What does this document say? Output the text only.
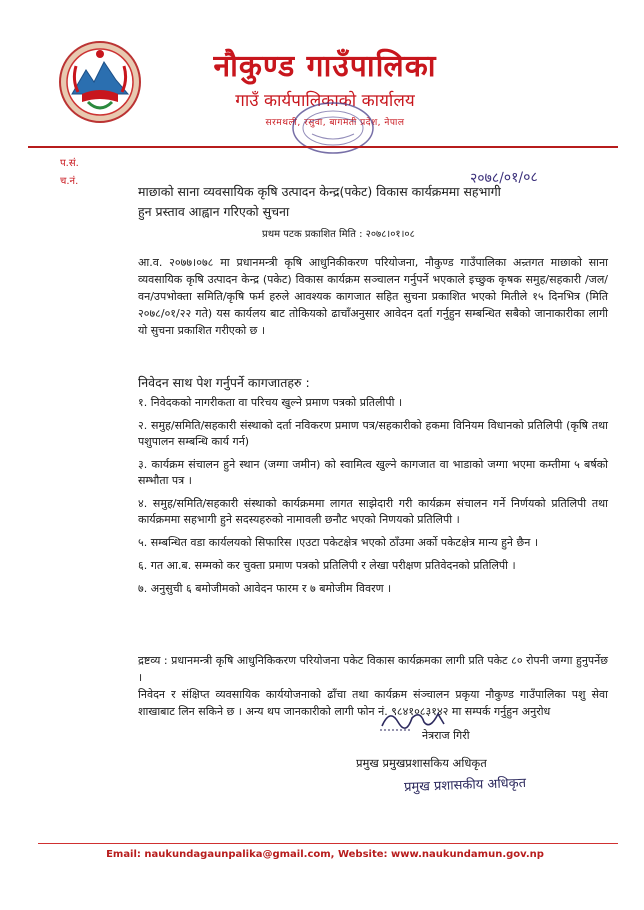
नौकुण्ड गाउँपालिका
गाउँ कार्यपालिकाको कार्यालय
सरमथली, रसुवा, बागमती प्रदेश, नेपाल
प.सं.
च.नं.	२०७८/०१/०८
माछाको साना व्यवसायिक कृषि उत्पादन केन्द्र(पकेट) विकास कार्यक्रममा सहभागी
हुन प्रस्ताव आह्वान गरिएको सुचना
प्रथम पटक प्रकाशित मिति : २०७८।०१।०८
आ.व. २०७७।०७८ मा प्रधानमन्त्री कृषि आधुनिकीकरण परियोजना, नौकुण्ड गाउँपालिका अन्र्तगत माछाको साना व्यवसायिक कृषि उत्पादन केन्द्र (पकेट) विकास कार्यक्रम सञ्चालन गर्नुपर्ने भएकाले इच्छुक कृषक समुह/सहकारी /जल/वन/उपभोक्ता समिति/कृषि फर्म हरुले आवश्यक कागजात सहित सुचना प्रकाशित भएको मितीले १५ दिनभित्र (मिति २०७८/०१/२२ गते) यस कार्यलय बाट तोकियको ढाचाँअनुसार आवेदन दर्ता गर्नुहुन सम्बन्धित सबैको जानाकारीका लागी यो सुचना प्रकाशित गरीएको छ ।
निवेदन साथ पेश गर्नुपर्ने कागजातहरु :
१. निवेदकको नागरीकता वा परिचय खुल्ने प्रमाण पत्रको प्रतिलीपी ।
२. समुह/समिति/सहकारी संस्थाको दर्ता नविकरण प्रमाण पत्र/सहकारीको हकमा विनियम विधानको प्रतिलिपी (कृषि तथा पशुपालन सम्बन्धि कार्य गर्न)
३. कार्यक्रम संचालन हुने स्थान (जग्गा जमीन) को स्वामित्व खुल्ने कागजात वा भाडाको जग्गा भएमा कम्तीमा ५ बर्षको सम्भौता पत्र ।
४. समुह/समिति/सहकारी संस्थाको कार्यक्रममा लागत साझेदारी गरी कार्यक्रम संचालन गर्ने निर्णयको प्रतिलिपी तथा कार्यक्रममा सहभागी हुने सदस्यहरुको नामावली छनौट भएको निणयको प्रतिलिपी ।
५. सम्बन्धित वडा कार्यलयको सिफारिस ।एउटा पकेटक्षेत्र भएको ठाँउमा अर्को पकेटक्षेत्र मान्य हुने छैन ।
६. गत आ.ब. सम्मको कर चुक्ता प्रमाण पत्रको प्रतिलिपी र लेखा परीक्षण प्रतिवेदनको प्रतिलिपी ।
७. अनुसुची ६ बमोजीमको आवेदन फारम र ७ बमोजीम विवरण ।
द्रष्टव्य : प्रधानमन्त्री कृषि आधुनिकिकरण परियोजना पकेट विकास कार्यक्रमका लागी प्रति पकेट ८० रोपनी जग्गा हुनुपर्नेछ ।
निवेदन र संक्षिप्त व्यवसायिक कार्ययोजनाको ढाँचा तथा कार्यक्रम संञ्चालन प्रकृया नौकुण्ड गाउँपालिका पशु सेवा शाखाबाट लिन सकिने छ । अन्य थप जानकारीको लागी फोन नं. ९८४१०८३१४२ मा सम्पर्क गर्नुहुन अनुरोध
नेत्रराज गिरी
प्रमुख प्रमुखप्रशासकिय अधिकृत
प्रमुख प्रशासकीय अधिकृत
Email: naukundagaunpalika@gmail.com, Website: www.naukundamun.gov.np
